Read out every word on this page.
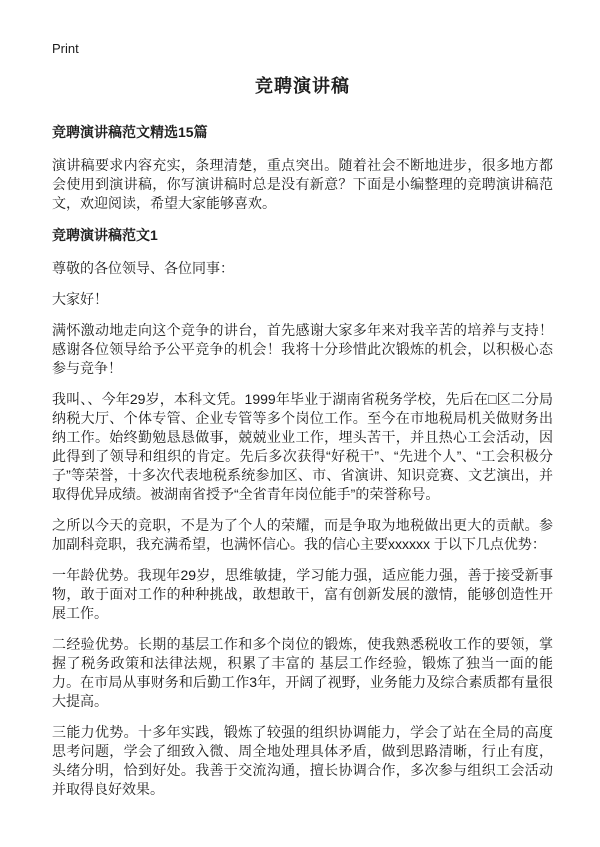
Print
竞聘演讲稿
竞聘演讲稿范文精选15篇

演讲稿要求内容充实，条理清楚，重点突出。随着社会不断地进步，很多地方都会使用到演讲稿，你写演讲稿时总是没有新意？下面是小编整理的竞聘演讲稿范文，欢迎阅读，希望大家能够喜欢。

竞聘演讲稿范文1

尊敬的各位领导、各位同事：

大家好！

满怀激动地走向这个竞争的讲台，首先感谢大家多年来对我辛苦的培养与支持！感谢各位领导给予公平竞争的机会！我将十分珍惜此次锻炼的机会，以积极心态参与竞争！

我叫、、今年29岁，本科文凭。1999年毕业于湖南省税务学校，先后在□区二分局纳税大厅、个体专管、企业专管等多个岗位工作。至今在市地税局机关做财务出纳工作。始终勤勉恳恳做事，兢兢业业工作，埋头苦干，并且热心工会活动，因此得到了领导和组织的肯定。先后多次获得“好税干”、“先进个人”、“工会积极分子”等荣誉，十多次代表地税系统参加区、市、省演讲、知识竞赛、文艺演出，并取得优异成绩。被湖南省授予“全省青年岗位能手”的荣誉称号。

之所以今天的竞职，不是为了个人的荣耀，而是争取为地税做出更大的贡献。参加副科竞职，我充满希望，也满怀信心。我的信心主要xxxxxx 于以下几点优势：

一年龄优势。我现年29岁，思维敏捷，学习能力强，适应能力强，善于接受新事物，敢于面对工作的种种挑战，敢想敢干，富有创新发展的激情，能够创造性开展工作。

二经验优势。长期的基层工作和多个岗位的锻炼，使我熟悉税收工作的要领，掌握了税务政策和法律法规，积累了丰富的 基层工作经验，锻炼了独当一面的能力。在市局从事财务和后勤工作3年，开阔了视野，业务能力及综合素质都有量很大提高。

三能力优势。十多年实践，锻炼了较强的组织协调能力，学会了站在全局的高度思考问题，学会了细致入微、周全地处理具体矛盾，做到思路清晰，行止有度，头绪分明，恰到好处。我善于交流沟通，擅长协调合作，多次参与组织工会活动并取得良好效果。
